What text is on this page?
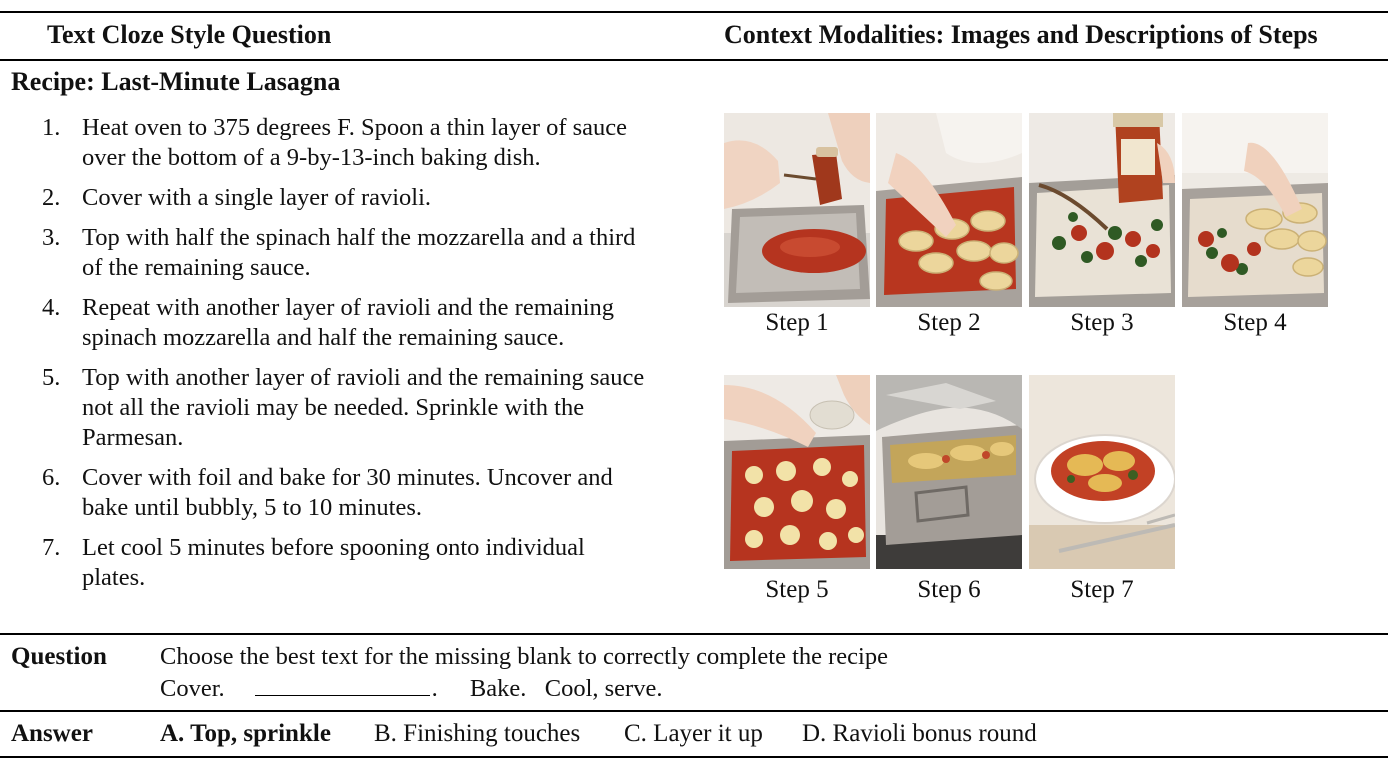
Text Cloze Style Question	Context Modalities: Images and Descriptions of Steps
Recipe: Last-Minute Lasagna
1. Heat oven to 375 degrees F. Spoon a thin layer of sauce
over the bottom of a 9-by-13-inch baking dish.
2. Cover with a single layer of ravioli.
3. Top with half the spinach half the mozzarella and a third
of the remaining sauce.
4. Repeat with another layer of ravioli and the remaining
spinach mozzarella and half the remaining sauce.
5. Top with another layer of ravioli and the remaining sauce
not all the ravioli may be needed. Sprinkle with the
Parmesan.
6. Cover with foil and bake for 30 minutes. Uncover and
bake until bubbly, 5 to 10 minutes.
7. Let cool 5 minutes before spooning onto individual
plates.
Step 1	Step 2	Step 3	Step 4
Step 5	Step 6	Step 7
Question Choose the best text for the missing blank to correctly complete the recipe
Cover.	. Bake.   Cool, serve.
Answer	A. Top, sprinkle B. Finishing touches C. Layer it up D. Ravioli bonus round
